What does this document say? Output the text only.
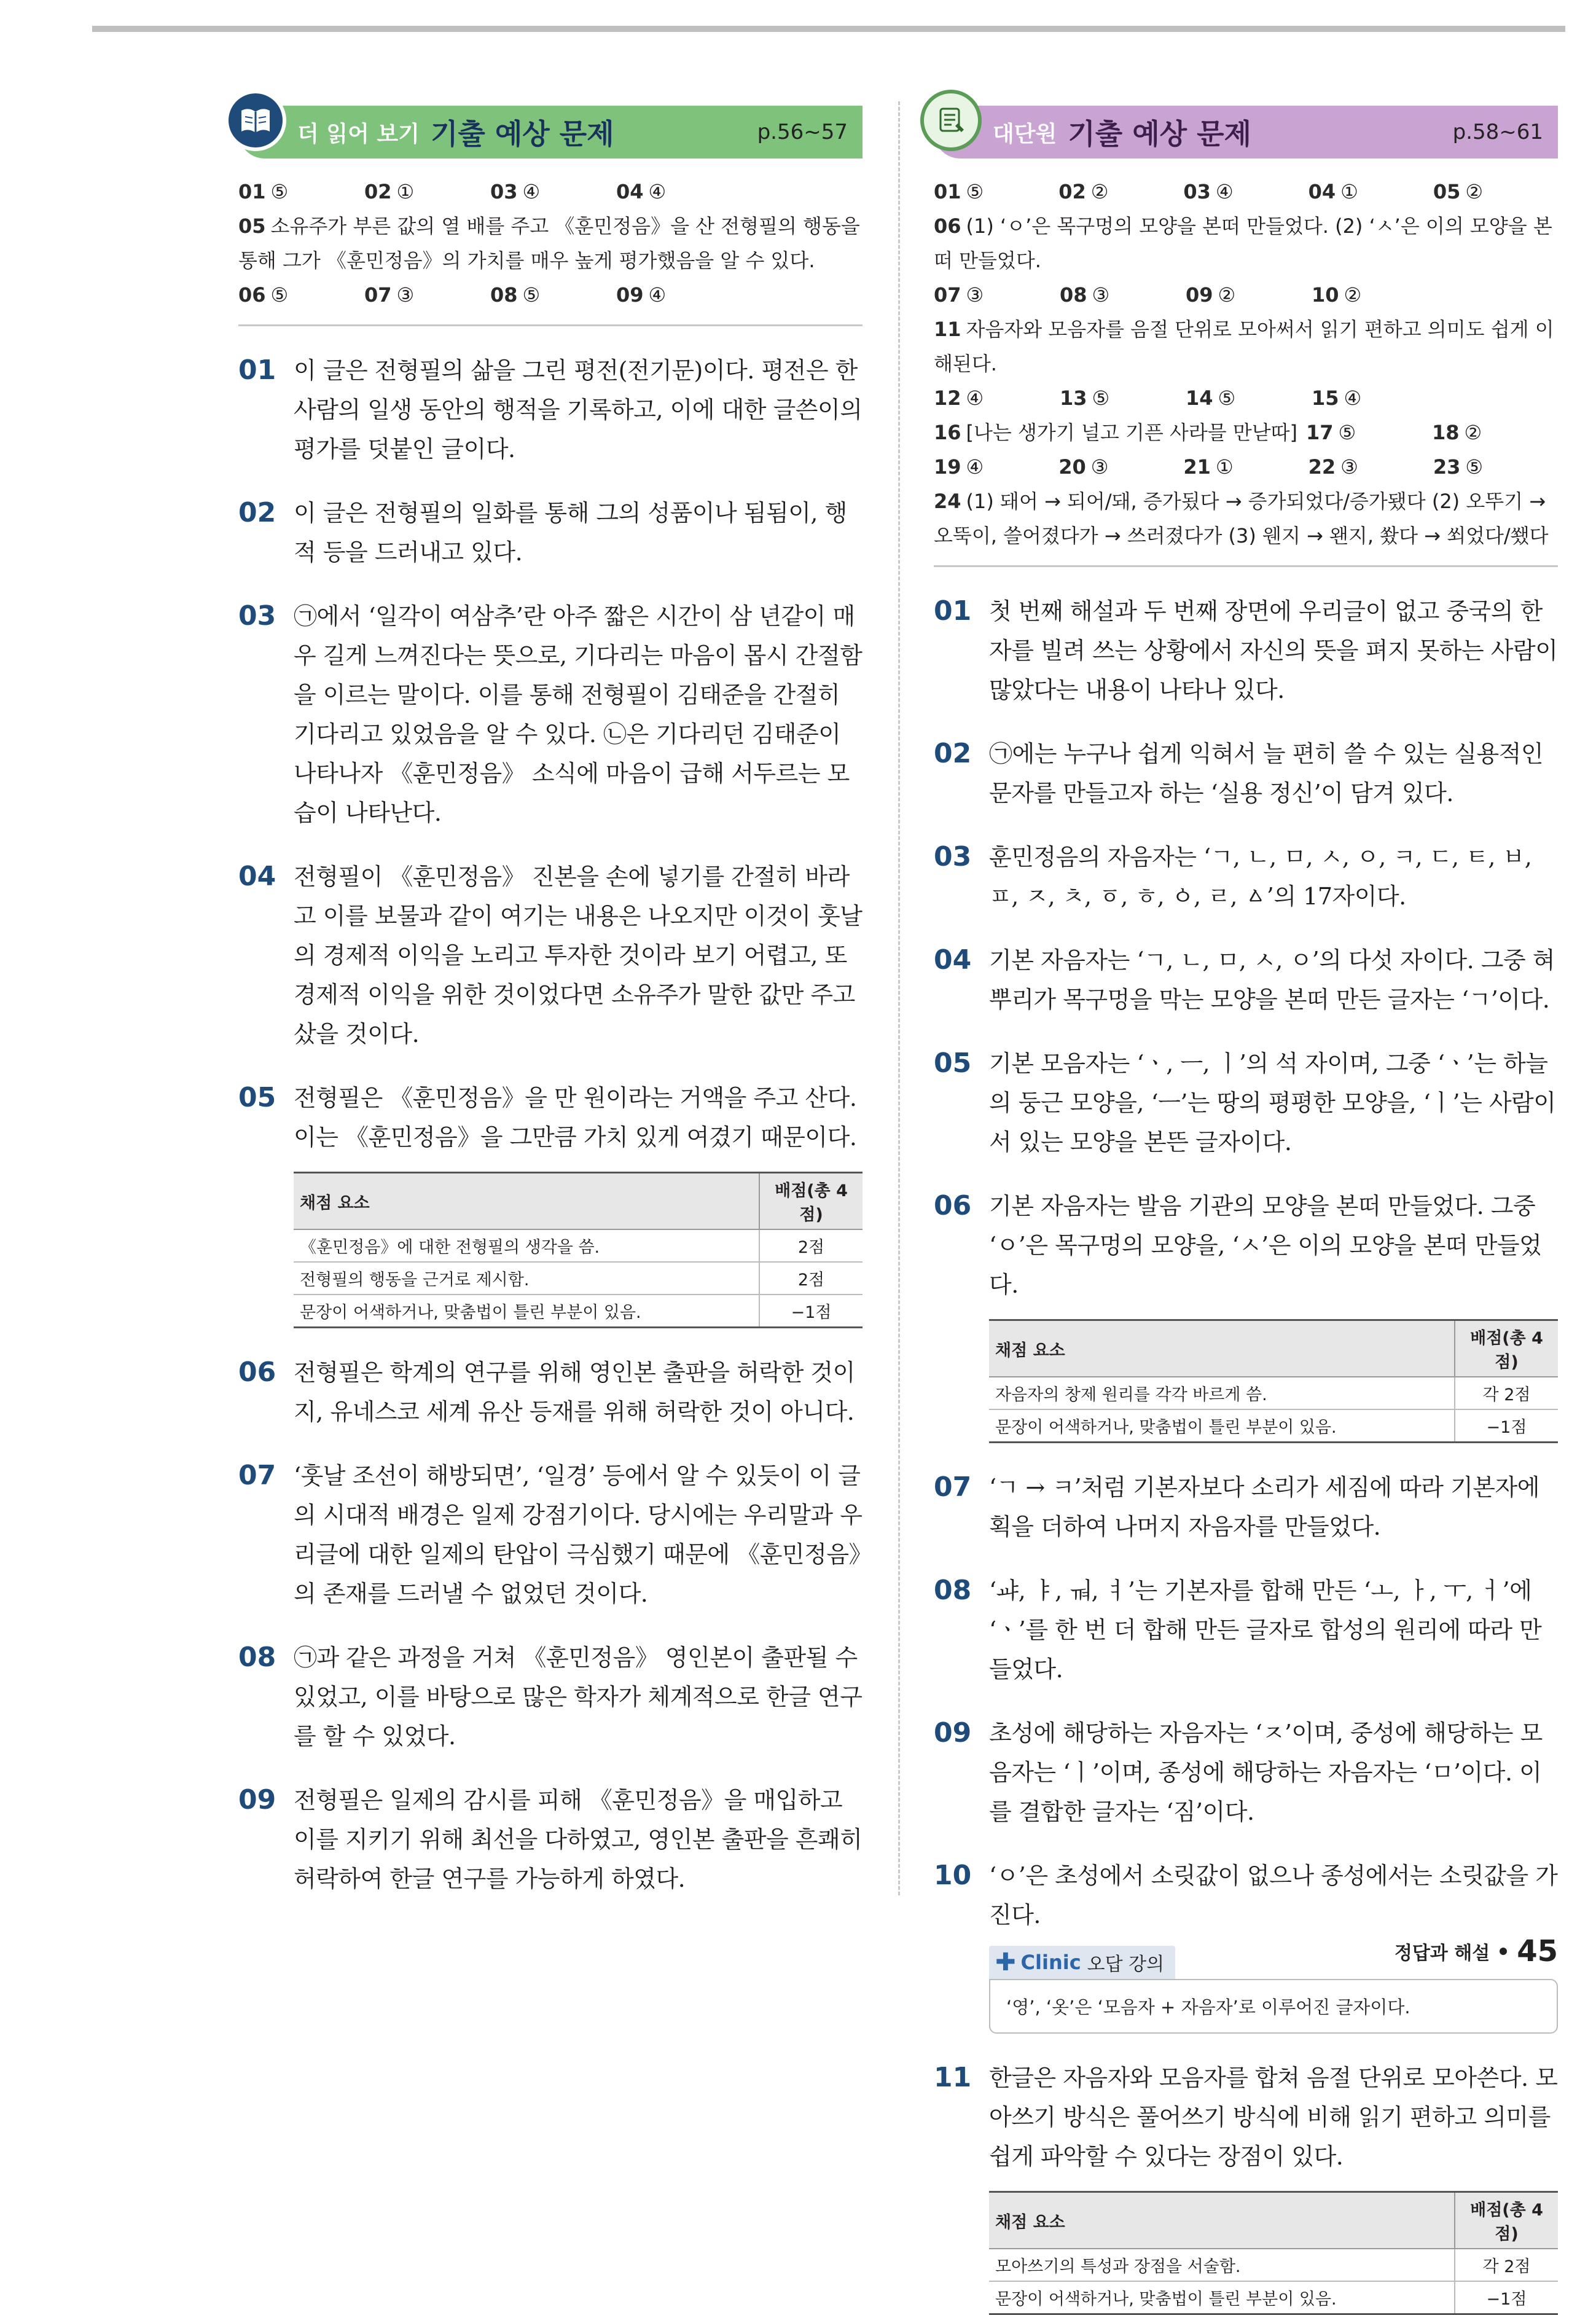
더 읽어 보기 기출 예상 문제	p.56~57
01 ⑤	02 ①	03 ④	04 ④
05 소유주가 부른 값의 열 배를 주고 《훈민정음》을 산 전형필의 행동을 통해 그가 《훈민정음》의 가치를 매우 높게 평가했음을 알 수 있다.
06 ⑤	07 ③	08 ⑤	09 ④
01 이 글은 전형필의 삶을 그린 평전(전기문)이다. 평전은 한 사람의 일생 동안의 행적을 기록하고, 이에 대한 글쓴이의 평가를 덧붙인 글이다.
02 이 글은 전형필의 일화를 통해 그의 성품이나 됨됨이, 행적 등을 드러내고 있다.
03 ㉠에서 ‘일각이 여삼추’란 아주 짧은 시간이 삼 년같이 매우 길게 느껴진다는 뜻으로, 기다리는 마음이 몹시 간절함을 이르는 말이다. 이를 통해 전형필이 김태준을 간절히 기다리고 있었음을 알 수 있다. ㉡은 기다리던 김태준이 나타나자 《훈민정음》 소식에 마음이 급해 서두르는 모습이 나타난다.
04 전형필이 《훈민정음》 진본을 손에 넣기를 간절히 바라고 이를 보물과 같이 여기는 내용은 나오지만 이것이 훗날의 경제적 이익을 노리고 투자한 것이라 보기 어렵고, 또 경제적 이익을 위한 것이었다면 소유주가 말한 값만 주고 샀을 것이다.
05 전형필은 《훈민정음》을 만 원이라는 거액을 주고 산다. 이는 《훈민정음》을 그만큼 가치 있게 여겼기 때문이다.
채점 요소	배점(총 4점)
《훈민정음》에 대한 전형필의 생각을 씀.	2점
전형필의 행동을 근거로 제시함.	2점
문장이 어색하거나, 맞춤법이 틀린 부분이 있음.	−1점
06 전형필은 학계의 연구를 위해 영인본 출판을 허락한 것이지, 유네스코 세계 유산 등재를 위해 허락한 것이 아니다.
07 ‘훗날 조선이 해방되면’, ‘일경’ 등에서 알 수 있듯이 이 글의 시대적 배경은 일제 강점기이다. 당시에는 우리말과 우리글에 대한 일제의 탄압이 극심했기 때문에 《훈민정음》의 존재를 드러낼 수 없었던 것이다.
08 ㉠과 같은 과정을 거쳐 《훈민정음》 영인본이 출판될 수 있었고, 이를 바탕으로 많은 학자가 체계적으로 한글 연구를 할 수 있었다.
09 전형필은 일제의 감시를 피해 《훈민정음》을 매입하고 이를 지키기 위해 최선을 다하였고, 영인본 출판을 흔쾌히 허락하여 한글 연구를 가능하게 하였다.
대단원 기출 예상 문제	p.58~61
01 ⑤	02 ②	03 ④	04 ①	05 ②
06 (1) ‘ㅇ’은 목구멍의 모양을 본떠 만들었다. (2) ‘ㅅ’은 이의 모양을 본떠 만들었다.
07 ③	08 ③	09 ②	10 ②
11 자음자와 모음자를 음절 단위로 모아써서 읽기 편하고 의미도 쉽게 이해된다.
12 ④	13 ⑤	14 ⑤	15 ④
16 [나는 생가기 널고 기픈 사라믈 만낟따] 17 ⑤	18 ②
19 ④	20 ③	21 ①	22 ③	23 ⑤
24 (1) 돼어 → 되어/돼, 증가됬다 → 증가되었다/증가됐다 (2) 오뚜기 → 오뚝이, 쓸어졌다가 → 쓰러졌다가 (3) 웬지 → 왠지, 쐈다 → 쐬었다/쐤다
01 첫 번째 해설과 두 번째 장면에 우리글이 없고 중국의 한자를 빌려 쓰는 상황에서 자신의 뜻을 펴지 못하는 사람이 많았다는 내용이 나타나 있다.
02 ㉠에는 누구나 쉽게 익혀서 늘 편히 쓸 수 있는 실용적인 문자를 만들고자 하는 ‘실용 정신’이 담겨 있다.
03 훈민정음의 자음자는 ‘ㄱ, ㄴ, ㅁ, ㅅ, ㅇ, ㅋ, ㄷ, ㅌ, ㅂ, ㅍ, ㅈ, ㅊ, ㆆ, ㅎ, ㆁ, ㄹ, ㅿ’의 17자이다.
04 기본 자음자는 ‘ㄱ, ㄴ, ㅁ, ㅅ, ㅇ’의 다섯 자이다. 그중 혀뿌리가 목구멍을 막는 모양을 본떠 만든 글자는 ‘ㄱ’이다.
05 기본 모음자는 ‘ㆍ, ㅡ, ㅣ’의 석 자이며, 그중 ‘ㆍ’는 하늘의 둥근 모양을, ‘ㅡ’는 땅의 평평한 모양을, ‘ㅣ’는 사람이 서 있는 모양을 본뜬 글자이다.
06 기본 자음자는 발음 기관의 모양을 본떠 만들었다. 그중 ‘ㅇ’은 목구멍의 모양을, ‘ㅅ’은 이의 모양을 본떠 만들었다.
채점 요소	배점(총 4점)
자음자의 창제 원리를 각각 바르게 씀.	각 2점
문장이 어색하거나, 맞춤법이 틀린 부분이 있음.	−1점
07 ‘ㄱ → ㅋ’처럼 기본자보다 소리가 세짐에 따라 기본자에 획을 더하여 나머지 자음자를 만들었다.
08 ‘ㆇ, ㅑ, ㆊ, ㅕ’는 기본자를 합해 만든 ‘ㅗ, ㅏ, ㅜ, ㅓ’에 ‘ㆍ’를 한 번 더 합해 만든 글자로 합성의 원리에 따라 만들었다.
09 초성에 해당하는 자음자는 ‘ㅈ’이며, 중성에 해당하는 모음자는 ‘ㅣ’이며, 종성에 해당하는 자음자는 ‘ㅁ’이다. 이를 결합한 글자는 ‘짐’이다.
10 ‘ㅇ’은 초성에서 소릿값이 없으나 종성에서는 소릿값을 가진다.
✚ Clinic 오답 강의
‘영’, ‘옷’은 ‘모음자 + 자음자’로 이루어진 글자이다.
11 한글은 자음자와 모음자를 합쳐 음절 단위로 모아쓴다. 모아쓰기 방식은 풀어쓰기 방식에 비해 읽기 편하고 의미를 쉽게 파악할 수 있다는 장점이 있다.
채점 요소	배점(총 4점)
모아쓰기의 특성과 장점을 서술함.	각 2점
문장이 어색하거나, 맞춤법이 틀린 부분이 있음.	−1점
정답과 해설 45
